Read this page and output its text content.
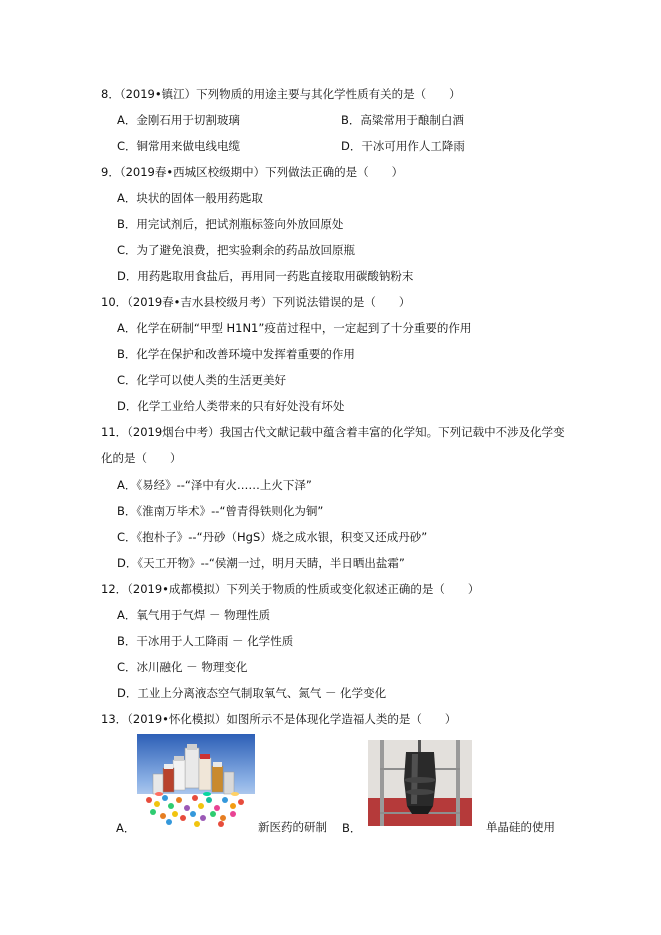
8．（2019•镇江）下列物质的用途主要与其化学性质有关的是（　　）
A．金刚石用于切割玻璃	B．高粱常用于酿制白酒
C．铜常用来做电线电缆	D．干冰可用作人工降雨
9．（2019春•西城区校级期中）下列做法正确的是（　　）
A．块状的固体一般用药匙取
B．用完试剂后，把试剂瓶标签向外放回原处
C．为了避免浪费，把实验剩余的药品放回原瓶
D．用药匙取用食盐后，再用同一药匙直接取用碳酸钠粉末
10．（2019春•吉水县校级月考）下列说法错误的是（　　）
A．化学在研制“甲型 H1N1”疫苗过程中，一定起到了十分重要的作用
B．化学在保护和改善环境中发挥着重要的作用
C．化学可以使人类的生活更美好
D．化学工业给人类带来的只有好处没有坏处
11．（2019烟台中考）我国古代文献记载中蕴含着丰富的化学知。下列记载中不涉及化学变
化的是（　　）
A．《易经》--“泽中有火……上火下泽”
B．《淮南万毕术》--“曾青得铁则化为铜”
C．《抱朴子》--“丹砂（HgS）烧之成水银，积变又还成丹砂”
D．《天工开物》--“侯潮一过，明月天睛，半日晒出盐霜”
12．（2019•成都模拟）下列关于物质的性质或变化叙述正确的是（　　）
A．氧气用于气焊 － 物理性质
B．干冰用于人工降雨 － 化学性质
C．冰川融化 － 物理变化
D．工业上分离液态空气制取氧气、氮气 － 化学变化
13．（2019•怀化模拟）如图所示不是体现化学造福人类的是（　　）
A．	新医药的研制 B．	单晶硅的使用
